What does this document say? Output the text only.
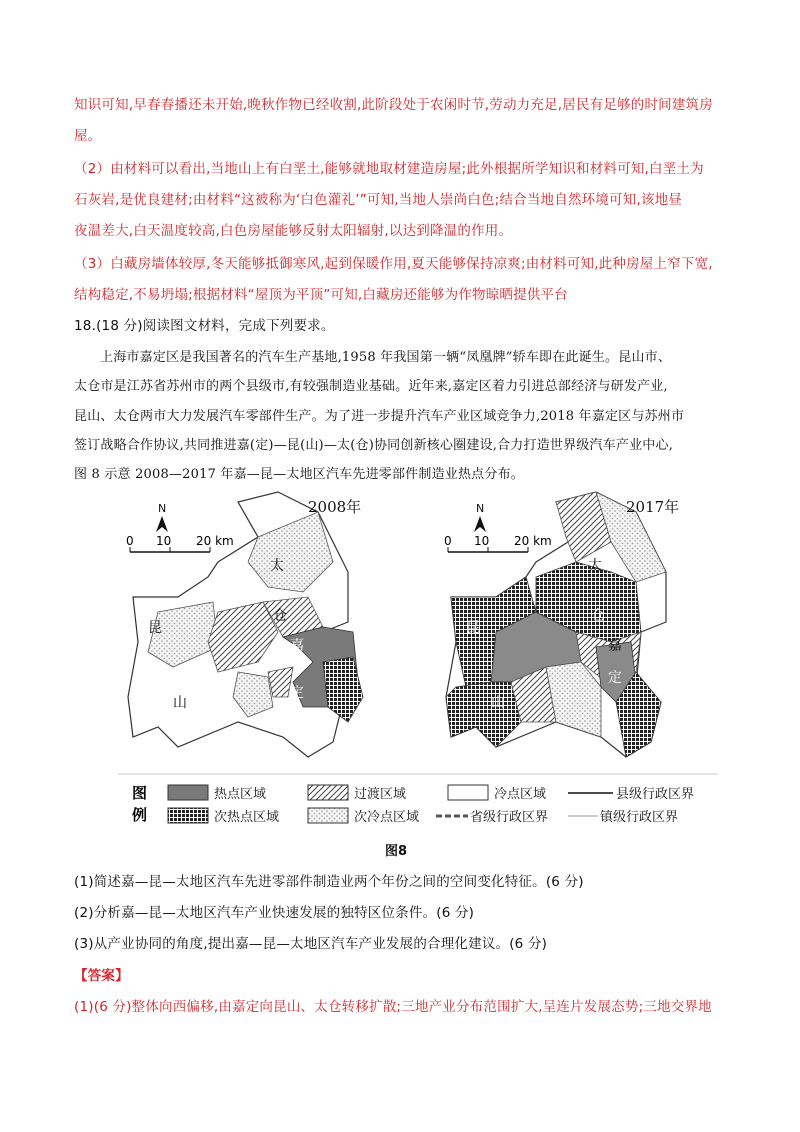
知识可知,早春春播还未开始,晚秋作物已经收割,此阶段处于农闲时节,劳动力充足,居民有足够的时间建筑房
屋。
（2）由材料可以看出,当地山上有白垩土,能够就地取材建造房屋;此外根据所学知识和材料可知,白垩土为
石灰岩,是优良建材;由材料“这被称为‘白色灌礼’”可知,当地人崇尚白色;结合当地自然环境可知,该地昼
夜温差大,白天温度较高,白色房屋能够反射太阳辐射,以达到降温的作用。
（3）白藏房墙体较厚,冬天能够抵御寒风,起到保暖作用,夏天能够保持凉爽;由材料可知,此种房屋上窄下宽,
结构稳定,不易坍塌;根据材料“屋顶为平顶”可知,白藏房还能够为作物晾晒提供平台
18.(18 分)阅读图文材料，完成下列要求。
上海市嘉定区是我国著名的汽车生产基地,1958 年我国第一辆“凤凰牌”轿车即在此诞生。昆山市、
太仓市是江苏省苏州市的两个县级市,有较强制造业基础。近年来,嘉定区着力引进总部经济与研发产业,
昆山、太仓两市大力发展汽车零部件生产。为了进一步提升汽车产业区域竞争力,2018 年嘉定区与苏州市
签订战略合作协议,共同推进嘉(定)—昆(山)—太(仓)协同创新核心圈建设,合力打造世界级汽车产业中心,
图 8 示意 2008—2017 年嘉—昆—太地区汽车先进零部件制造业热点分布。
太
仓
昆
嘉
山
定
N
0 10 20 km
2008年
太
仓
昆
嘉
山
定
N
0 10 20 km
2017年
图
例
热点区域	过渡区域	冷点区域	县级行政区界
次热点区域	次冷点区域	省级行政区界	镇级行政区界
图8
(1)简述嘉—昆—太地区汽车先进零部件制造业两个年份之间的空间变化特征。(6 分)
(2)分析嘉—昆—太地区汽车产业快速发展的独特区位条件。(6 分)
(3)从产业协同的角度,提出嘉—昆—太地区汽车产业发展的合理化建议。(6 分)
【答案】
(1)(6 分)整体向西偏移,由嘉定向昆山、太仓转移扩散;三地产业分布范围扩大,呈连片发展态势;三地交界地
